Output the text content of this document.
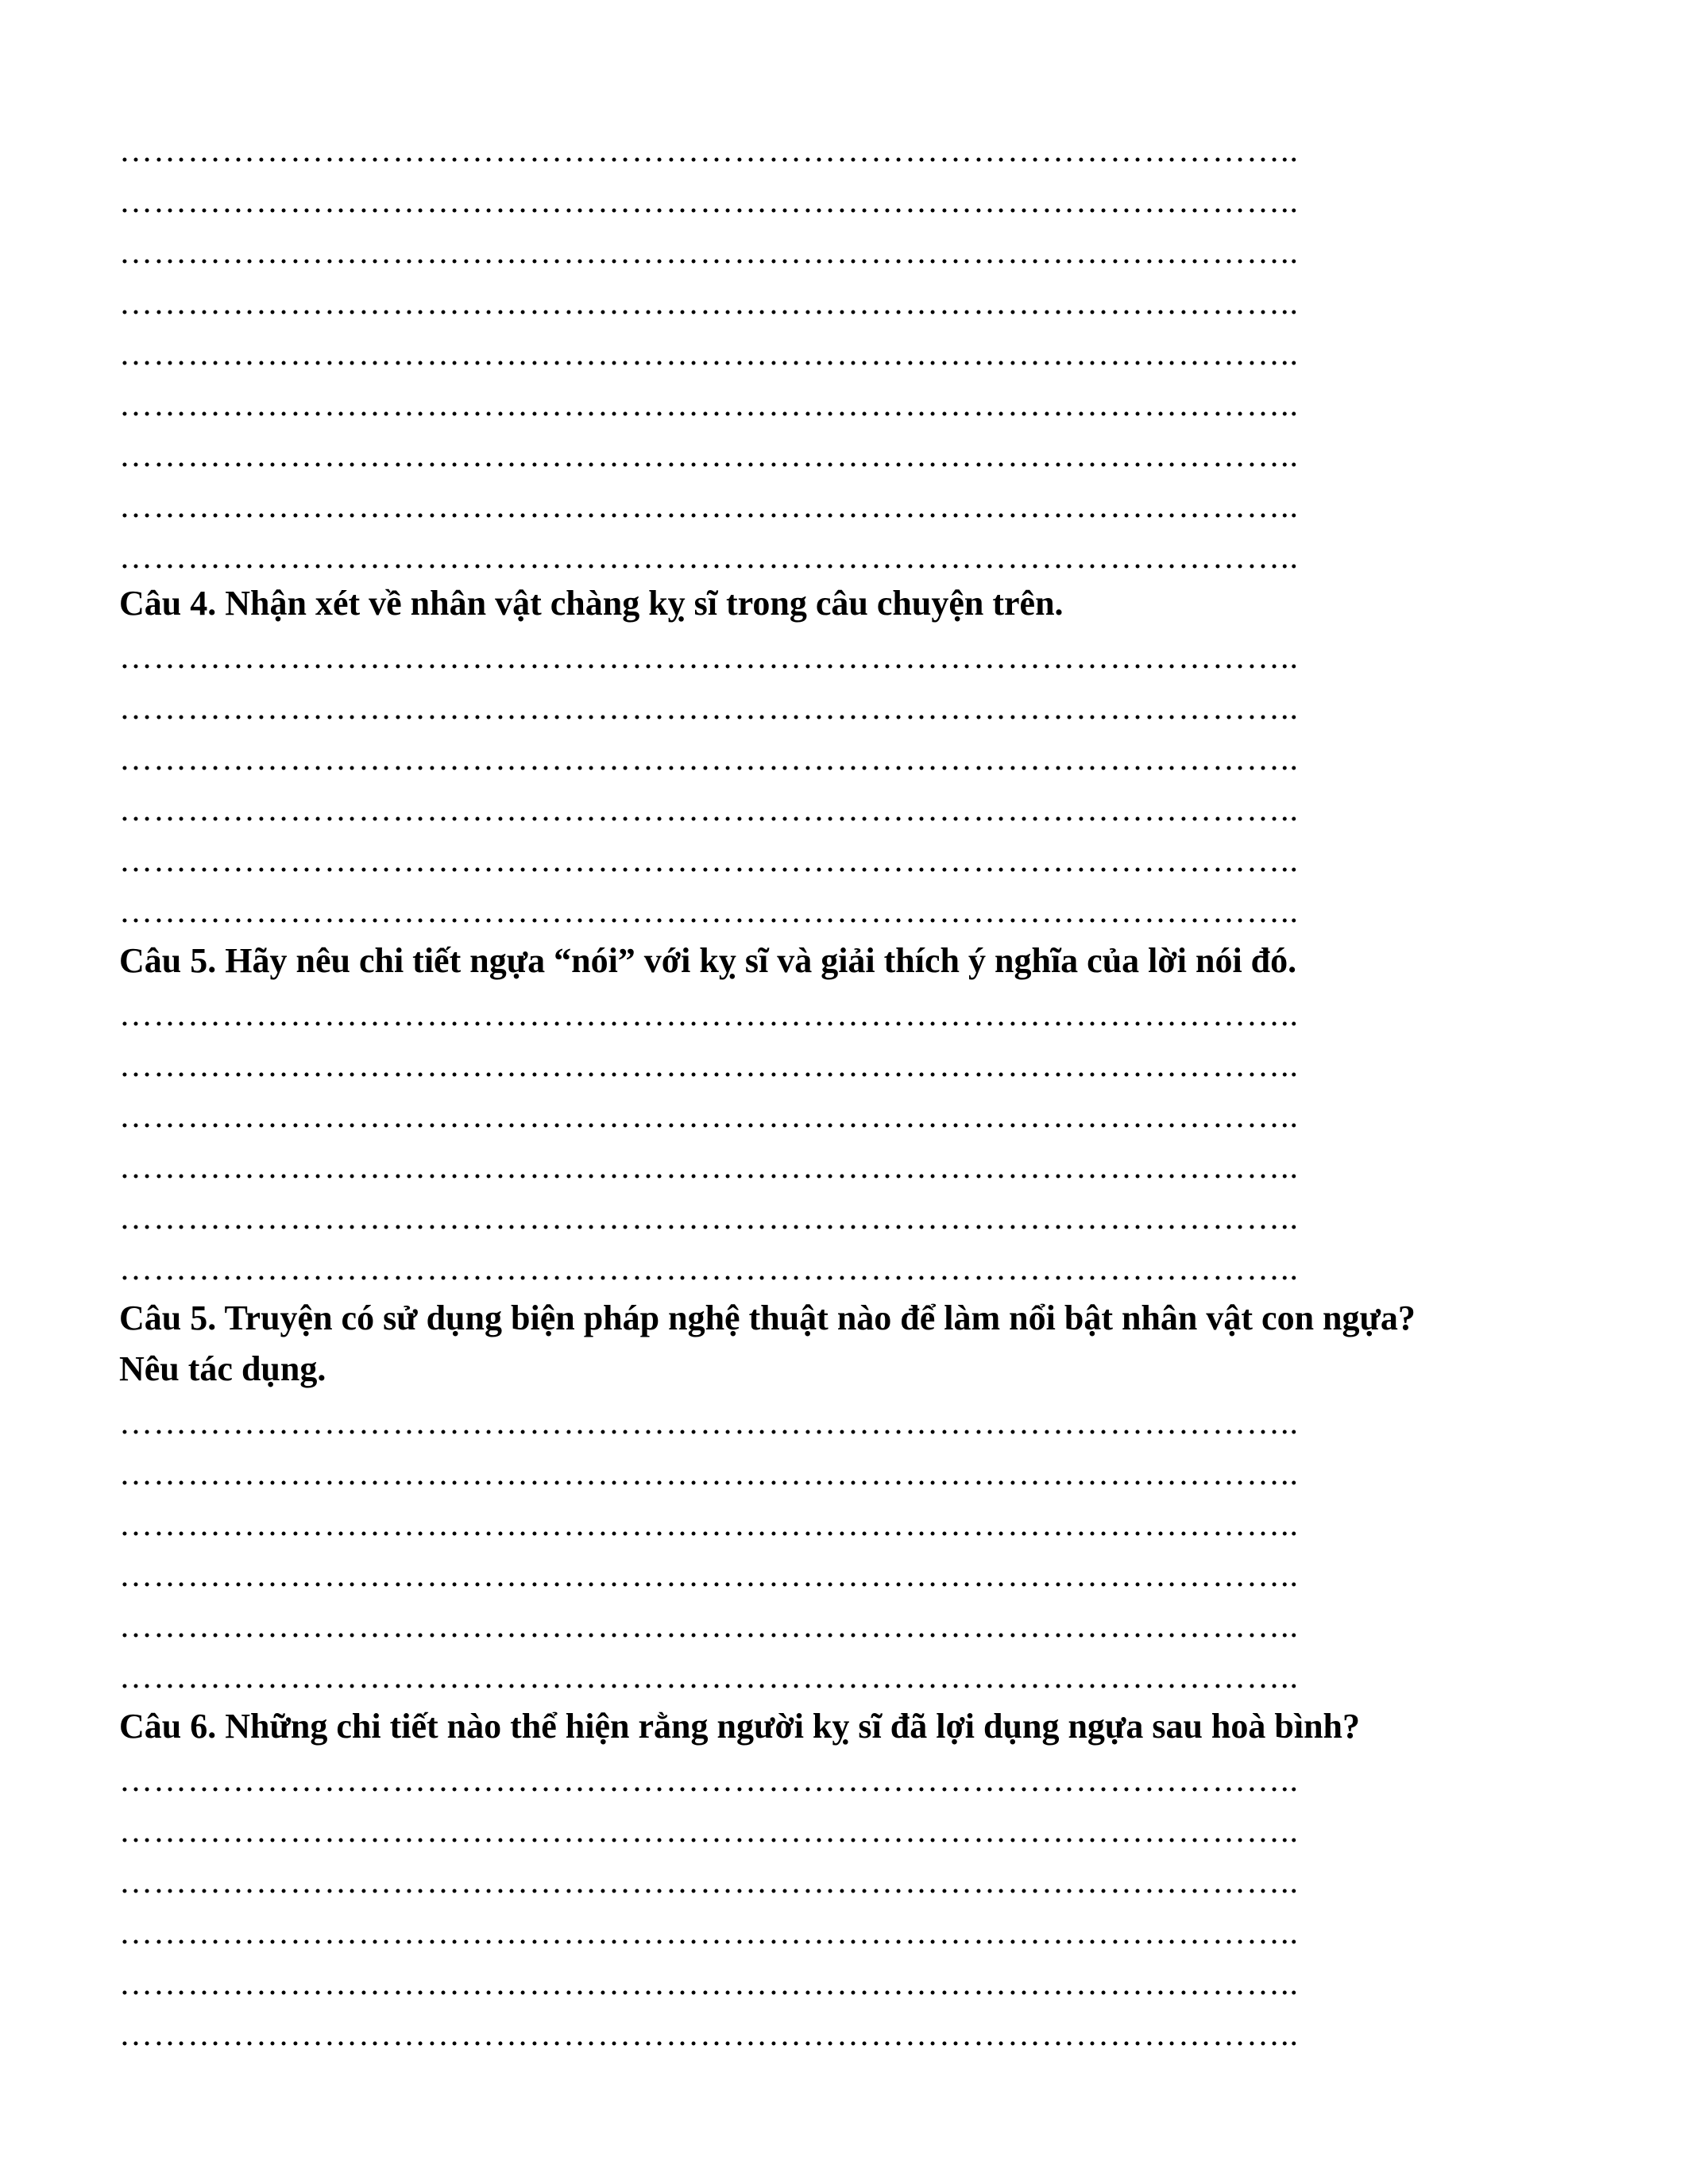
…………………………………………………………………………………………..
…………………………………………………………………………………………..
…………………………………………………………………………………………..
…………………………………………………………………………………………..
…………………………………………………………………………………………..
…………………………………………………………………………………………..
…………………………………………………………………………………………..
…………………………………………………………………………………………..
…………………………………………………………………………………………..
Câu 4. Nhận xét về nhân vật chàng kỵ sĩ trong câu chuyện trên.
…………………………………………………………………………………………..
…………………………………………………………………………………………..
…………………………………………………………………………………………..
…………………………………………………………………………………………..
…………………………………………………………………………………………..
…………………………………………………………………………………………..
Câu 5. Hãy nêu chi tiết ngựa “nói” với kỵ sĩ và giải thích ý nghĩa của lời nói đó.
…………………………………………………………………………………………..
…………………………………………………………………………………………..
…………………………………………………………………………………………..
…………………………………………………………………………………………..
…………………………………………………………………………………………..
…………………………………………………………………………………………..
Câu 5. Truyện có sử dụng biện pháp nghệ thuật nào để làm nổi bật nhân vật con ngựa?
Nêu tác dụng.
…………………………………………………………………………………………..
…………………………………………………………………………………………..
…………………………………………………………………………………………..
…………………………………………………………………………………………..
…………………………………………………………………………………………..
…………………………………………………………………………………………..
Câu 6. Những chi tiết nào thể hiện rằng người kỵ sĩ đã lợi dụng ngựa sau hoà bình?
…………………………………………………………………………………………..
…………………………………………………………………………………………..
…………………………………………………………………………………………..
…………………………………………………………………………………………..
…………………………………………………………………………………………..
…………………………………………………………………………………………..
